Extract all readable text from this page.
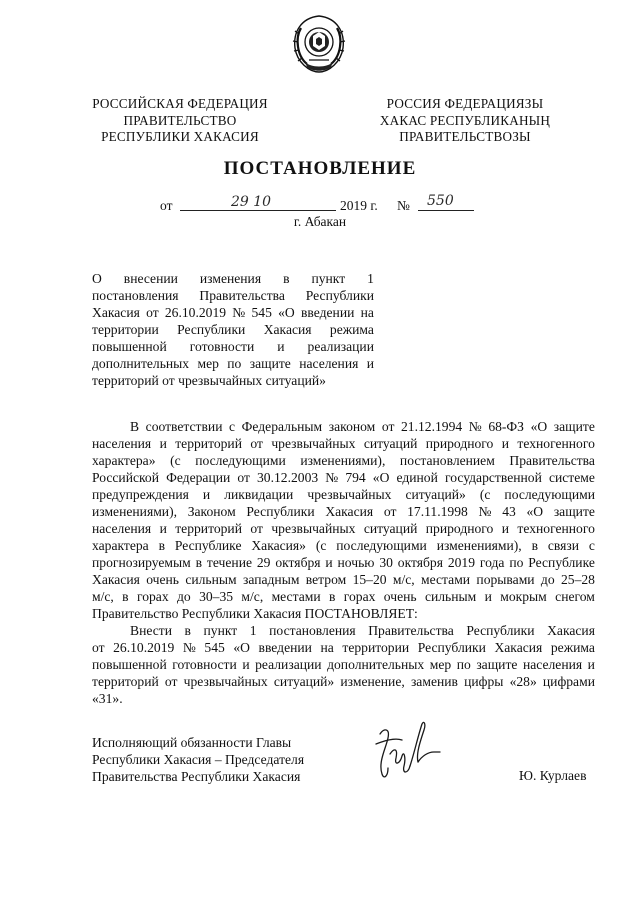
РОССИЙСКАЯ ФЕДЕРАЦИЯ
ПРАВИТЕЛЬСТВО
РЕСПУБЛИКИ ХАКАСИЯ
РОССИЯ ФЕДЕРАЦИЯЗЫ
ХАКАС РЕСПУБЛИКАНЫҢ
ПРАВИТЕЛЬСТВОЗЫ
ПОСТАНОВЛЕНИЕ
от	29 10	2019 г. № 550
г. Абакан
О внесении изменения в пункт 1
постановления Правительства Республики
Хакасия от 26.10.2019 № 545 «О введении на
территории Республики Хакасия режима
повышенной готовности и реализации
дополнительных мер по защите населения и
территорий от чрезвычайных ситуаций»
В соответствии с Федеральным законом от 21.12.1994 № 68-ФЗ «О защите
населения и территорий от чрезвычайных ситуаций природного и техногенного
характера» (с последующими изменениями), постановлением Правительства
Российской Федерации от 30.12.2003 № 794 «О единой государственной системе
предупреждения и ликвидации чрезвычайных ситуаций» (с последующими
изменениями), Законом Республики Хакасия от 17.11.1998 № 43 «О защите
населения и территорий от чрезвычайных ситуаций природного и техногенного
характера в Республике Хакасия» (с последующими изменениями), в связи с
прогнозируемым в течение 29 октября и ночью 30 октября 2019 года по Республике
Хакасия очень сильным западным ветром 15–20 м/с, местами порывами до 25–28
м/с, в горах до 30–35 м/с, местами в горах очень сильным и мокрым снегом
Правительство Республики Хакасия ПОСТАНОВЛЯЕТ:
Внести в пункт 1 постановления Правительства Республики Хакасия
от 26.10.2019 № 545 «О введении на территории Республики Хакасия режима
повышенной готовности и реализации дополнительных мер по защите населения и
территорий от чрезвычайных ситуаций» изменение, заменив цифры «28» цифрами
«31».
Исполняющий обязанности Главы
Республики Хакасия – Председателя
Правительства Республики Хакасия	Ю. Курлаев
